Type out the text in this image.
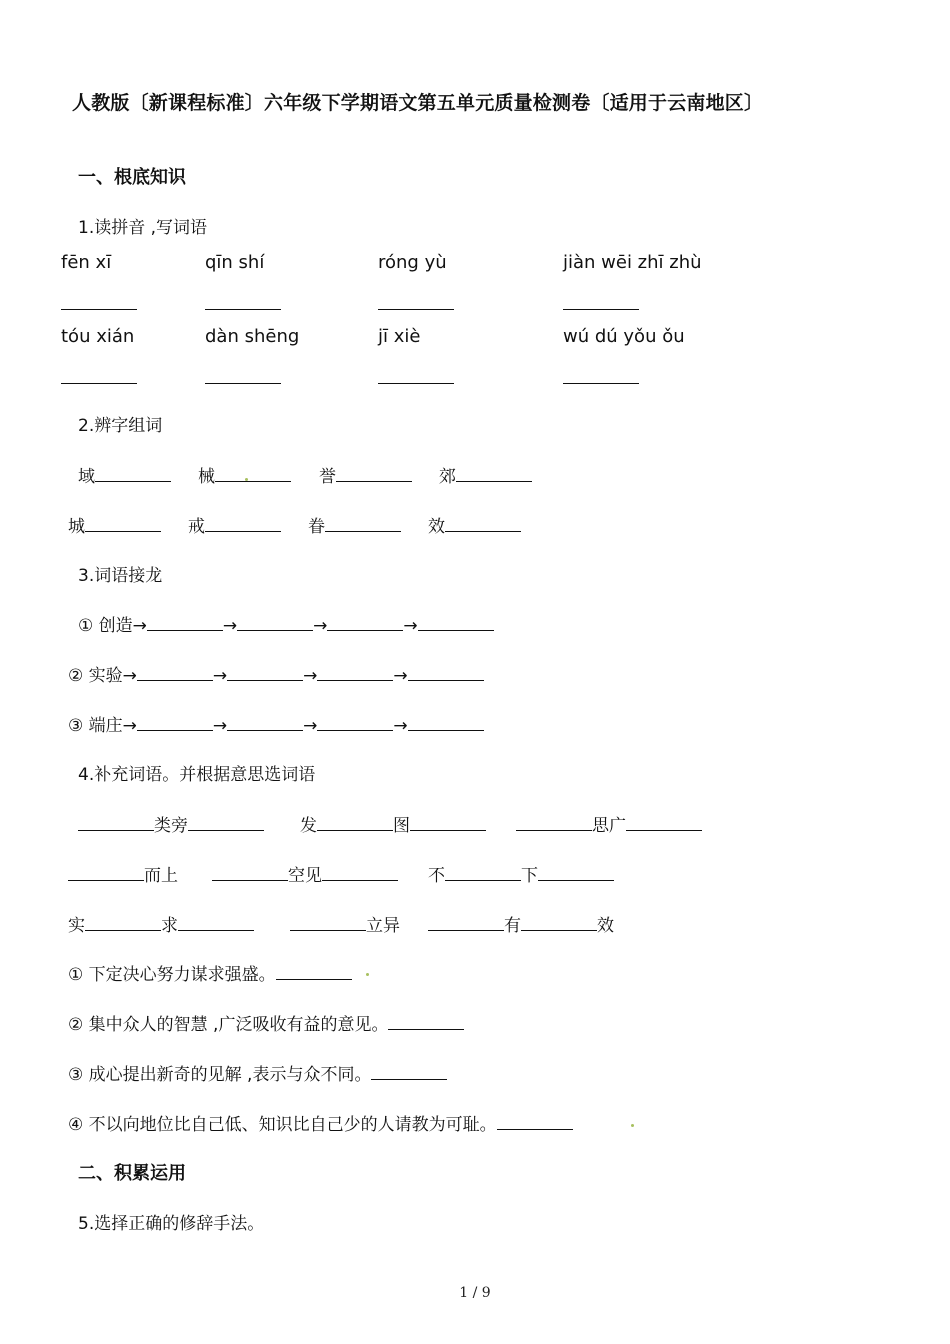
人教版〔新课程标准〕六年级下学期语文第五单元质量检测卷〔适用于云南地区〕
一、根底知识
1.读拼音 ,写词语
fēn xī	qīn shí	róng yù	jiàn wēi zhī zhù
tóu xián	dàn shēng	jī xiè	wú dú yǒu ǒu
2.辨字组词
域	械	誉	郊
城	戒	眷	效
3.词语接龙
① 创造→	→	→	→
② 实验→	→	→	→
③ 端庄→	→	→	→
4.补充词语。并根据意思选词语
类旁	发	图	思广
而上	空见	不	下
实	求	立异	有	效
① 下定决心努力谋求强盛。
② 集中众人的智慧 ,广泛吸收有益的意见。
③ 成心提出新奇的见解 ,表示与众不同。
④ 不以向地位比自己低、知识比自己少的人请教为可耻。
二、积累运用
5.选择正确的修辞手法。
1 / 9
